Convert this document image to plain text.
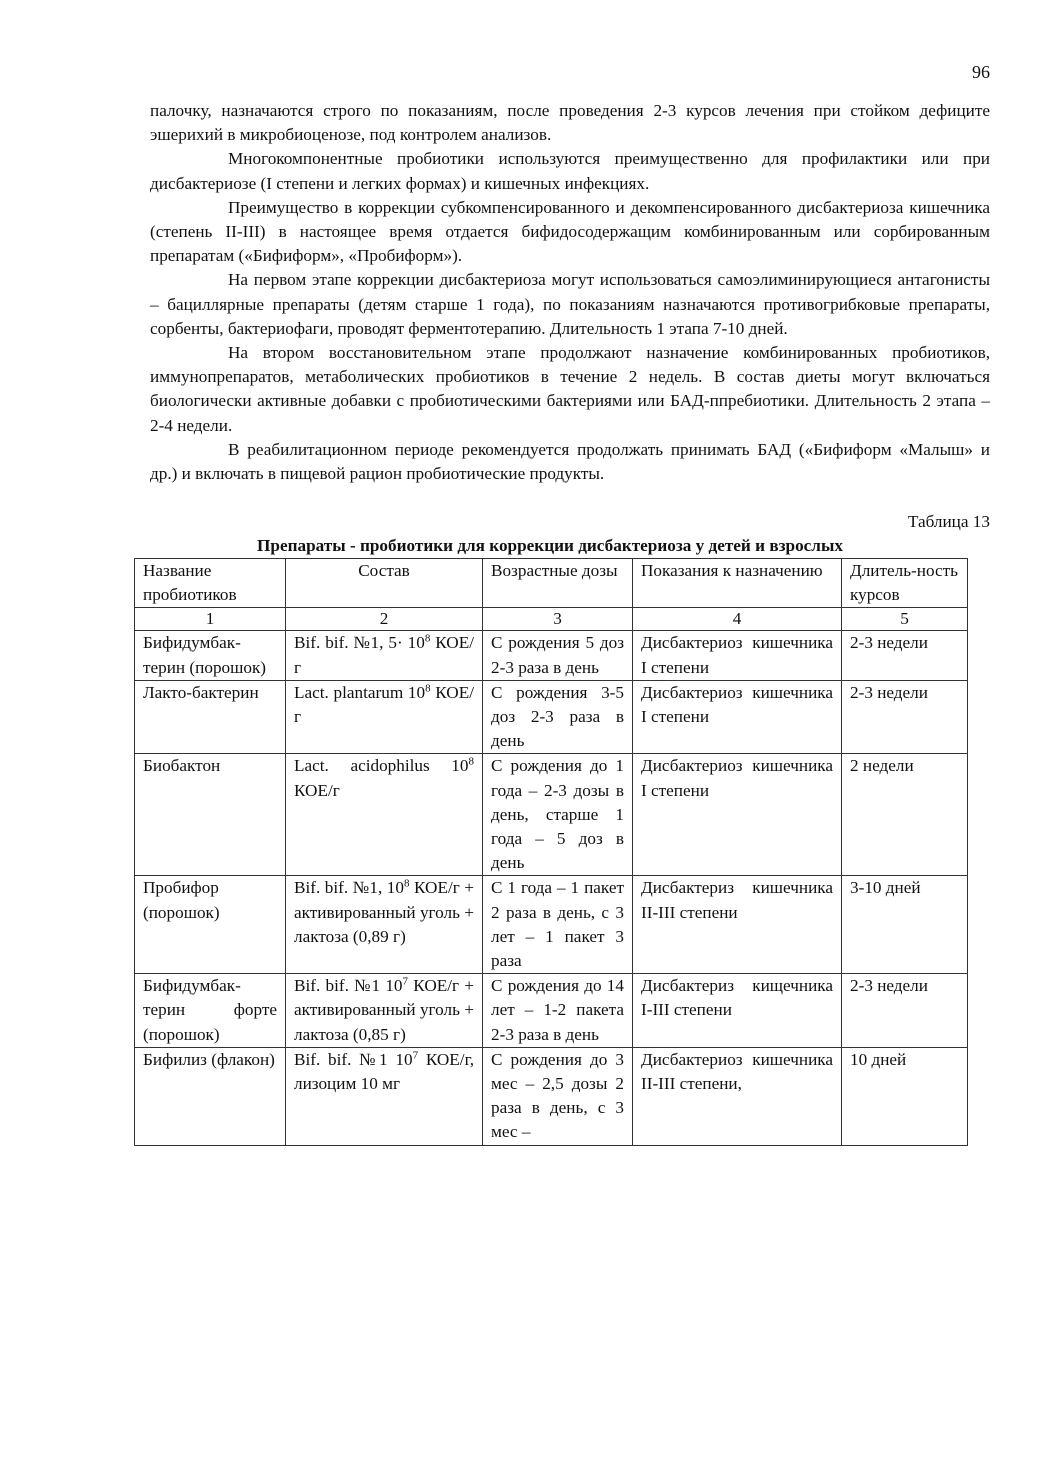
96

палочку, назначаются строго по показаниям, после проведения 2-3 курсов лечения при стойком дефиците эшерихий в микробиоценозе, под контролем анализов.

Многокомпонентные пробиотики используются преимущественно для профилактики или при дисбактериозе (I степени и легких формах) и кишечных инфекциях.

Преимущество в коррекции субкомпенсированного и декомпенсированного дисбактериоза кишечника (степень II-III) в настоящее время отдается бифидосодержащим комбинированным или сорбированным препаратам («Бифиформ», «Пробиформ»).

На первом этапе коррекции дисбактериоза могут использоваться самоэлиминирующиеся антагонисты – бациллярные препараты (детям старше 1 года), по показаниям назначаются противогрибковые препараты, сорбенты, бактериофаги, проводят ферментотерапию. Длительность 1 этапа 7-10 дней.

На втором восстановительном этапе продолжают назначение комбинированных пробиотиков, иммунопрепаратов, метаболических пробиотиков в течение 2 недель. В состав диеты могут включаться биологически активные добавки с пробиотическими бактериями или БАД-ппребиотики. Длительность 2 этапа – 2-4 недели.

В реабилитационном периоде рекомендуется продолжать принимать БАД («Бифиформ «Малыш» и др.) и включать в пищевой рацион пробиотические продукты.

Таблица 13
Препараты - пробиотики для коррекции дисбактериоза у детей и взрослых
Название пробиотиков	Состав	Возрастные дозы	Показания к назначению	Длитель-ность курсов
1	2	3	4	5
Бифидумбак-терин (порошок)	Bif. bif. №1, $5\cdot 10^8$ КОЕ/г	С рождения 5 доз 2-3 раза в день	Дисбактериоз кишечника I степени	2-3 недели
Лакто-бактерин	Lact. plantarum $10^8$ КОЕ/г	С рождения 3-5 доз 2-3 раза в день	Дисбактериоз кишечника I степени	2-3 недели
Биобактон	Lact. acidophilus $10^8$ КОЕ/г	С рождения до 1 года – 2-3 дозы в день, старше 1 года – 5 доз в день	Дисбактериоз кишечника I степени	2 недели
Пробифор (порошок)	Bif. bif. №1, $10^8$ КОЕ/г + активированный уголь + лактоза (0,89 г)	С 1 года – 1 пакет 2 раза в день, с 3 лет – 1 пакет 3 раза	Дисбактериз кишечника II-III степени	3-10 дней
Бифидумбак-терин форте (порошок)	Bif. bif. №1 $10^7$ КОЕ/г + активированный уголь + лактоза (0,85 г)	С рождения до 14 лет – 1-2 пакета 2-3 раза в день	Дисбактериз кищечника I-III степени	2-3 недели
Бифилиз (флакон)	Bif. bif. №1 $10^7$ КОЕ/г, лизоцим 10 мг	С рождения до 3 мес – 2,5 дозы 2 раза в день, с 3 мес –	Дисбактериоз кишечника II-III степени,	10 дней
